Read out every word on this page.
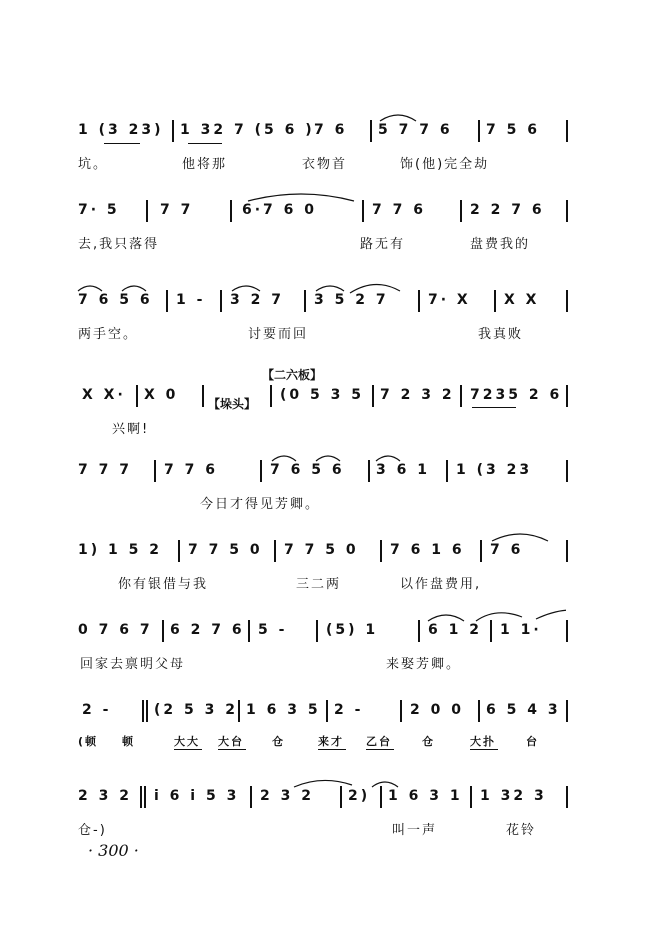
1 (3 23) 1 32 7 (5 6 ) 7 6 5 7 7 6 7 5 6
坑。	他将那	衣物首	饰(他)完全劫
7· 5	7 7	6·7 6 0	7 7 6	2 2 7 6
去,我只落得	路无有	盘费我的
7 6 5 6 1 - 3 2 7 3 5 2 7	7· X X X
两手空。	讨要而回	我真败
【二六板】
X X· X 0	(0 5 3 5 7 2 3 2 7235 2 6
【垛头】
兴啊!
7 7 7 7 7 6	7 6 5 6 3 6 1 1 (3 23
今日才得见芳卿。
1) 1 5 2 7 7 5 0 7 7 5 0 7 6 1 6 7 6
你有银借与我	三二两	以作盘费用,
0 7 6 7 6 2 7 6 5 -	(5) 1	6 1 2 1 1·
回家去禀明父母	来娶芳卿。
2 -	(2 5 3 2 1 6 3 5 2 -	2 0 0 6 5 4 3
(顿 顿	大大 大台	仓	来才 乙台	仓	大扑	台
2 3 2 i 6 i 5 3 2 3 2 2) 1 6 3 1 1 32 3
仓-)	叫一声	花铃
· 300 ·
